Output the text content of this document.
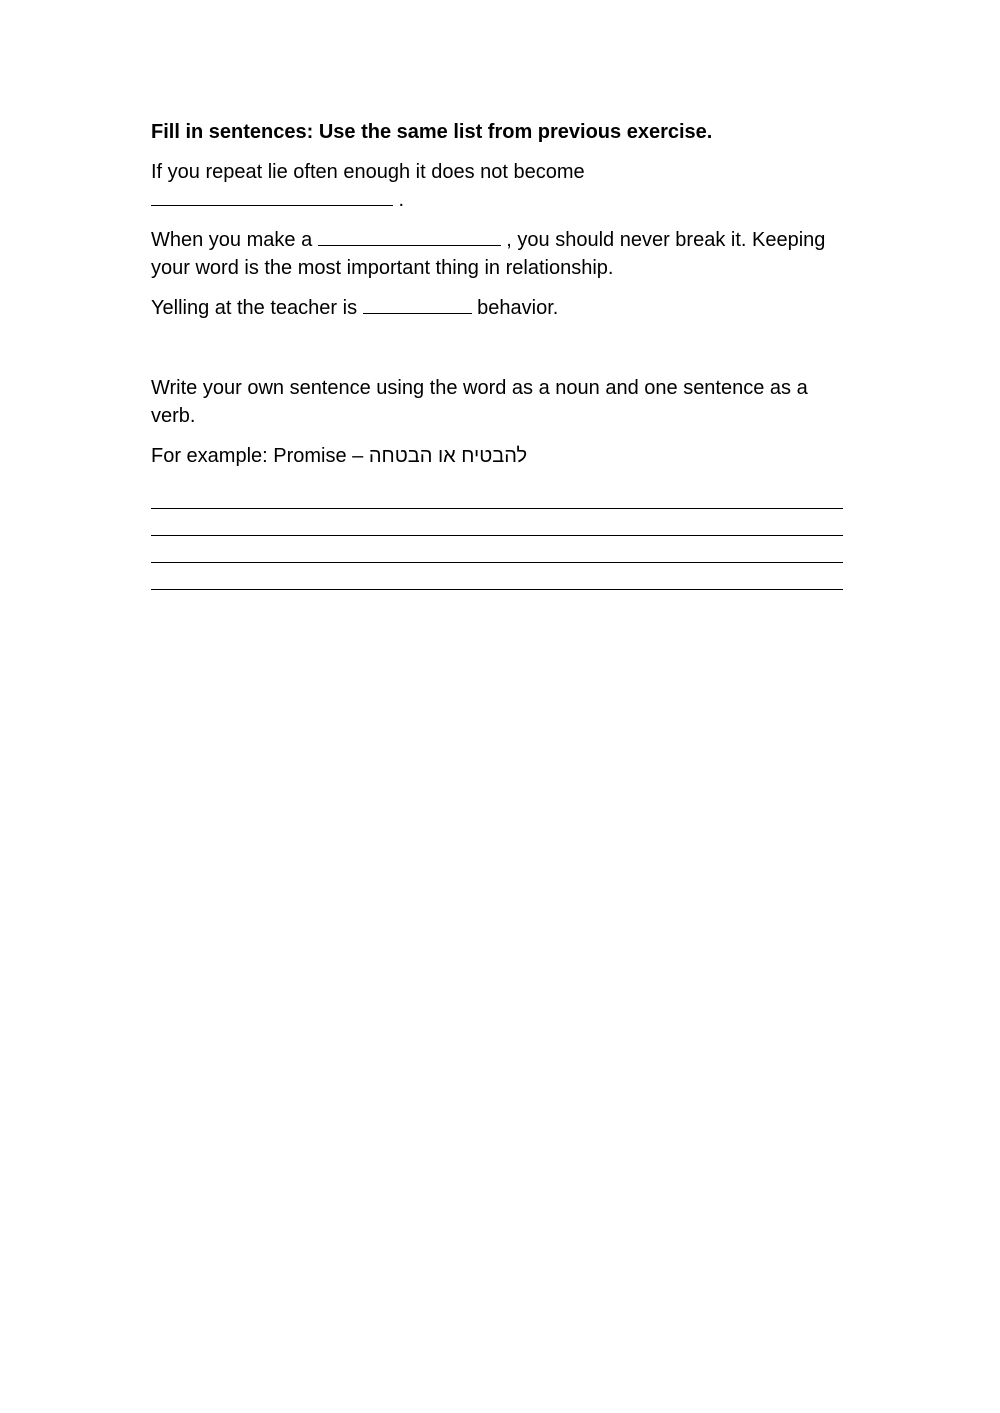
Fill in sentences: Use the same list from previous exercise.

If you repeat lie often enough it does not become
.

When you make a	, you should never break it. Keeping your word is the most important thing in relationship.

Yelling at the teacher is	behavior.

Write your own sentence using the word as a noun and one sentence as a verb.

For example: Promise – להבטיח או הבטחה
